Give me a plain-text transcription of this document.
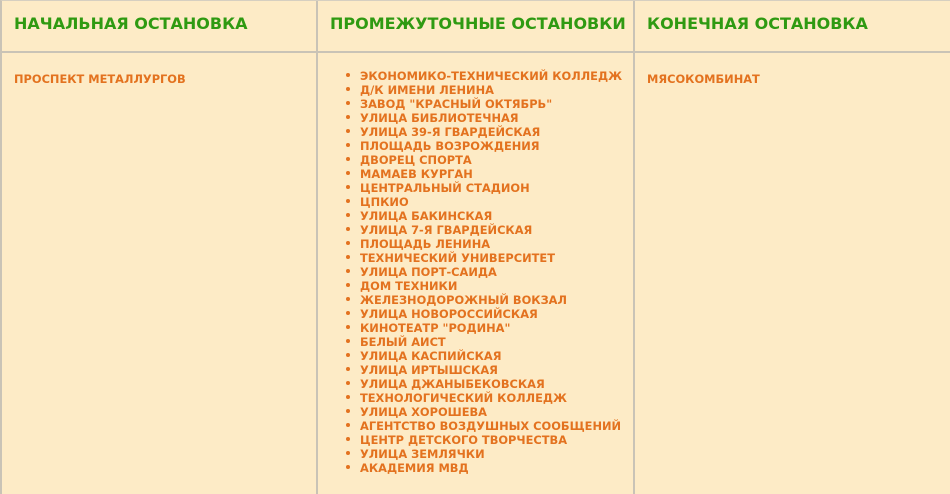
НАЧАЛЬНАЯ ОСТАНОВКА
ПРОСПЕКТ МЕТАЛЛУРГОВ
ПРОМЕЖУТОЧНЫЕ ОСТАНОВКИ
ЭКОНОМИКО-ТЕХНИЧЕСКИЙ КОЛЛЕДЖ
Д/К ИМЕНИ ЛЕНИНА
ЗАВОД "КРАСНЫЙ ОКТЯБРЬ"
УЛИЦА БИБЛИОТЕЧНАЯ
УЛИЦА 39-Я ГВАРДЕЙСКАЯ
ПЛОЩАДЬ ВОЗРОЖДЕНИЯ
ДВОРЕЦ СПОРТА
МАМАЕВ КУРГАН
ЦЕНТРАЛЬНЫЙ СТАДИОН
ЦПКИО
УЛИЦА БАКИНСКАЯ
УЛИЦА 7-Я ГВАРДЕЙСКАЯ
ПЛОЩАДЬ ЛЕНИНА
ТЕХНИЧЕСКИЙ УНИВЕРСИТЕТ
УЛИЦА ПОРТ-САИДА
ДОМ ТЕХНИКИ
ЖЕЛЕЗНОДОРОЖНЫЙ ВОКЗАЛ
УЛИЦА НОВОРОССИЙСКАЯ
КИНОТЕАТР "РОДИНА"
БЕЛЫЙ АИСТ
УЛИЦА КАСПИЙСКАЯ
УЛИЦА ИРТЫШСКАЯ
УЛИЦА ДЖАНЫБЕКОВСКАЯ
ТЕХНОЛОГИЧЕСКИЙ КОЛЛЕДЖ
УЛИЦА ХОРОШЕВА
АГЕНТСТВО ВОЗДУШНЫХ СООБЩЕНИЙ
ЦЕНТР ДЕТСКОГО ТВОРЧЕСТВА
УЛИЦА ЗЕМЛЯЧКИ
АКАДЕМИЯ МВД
КОНЕЧНАЯ ОСТАНОВКА
МЯСОКОМБИНАТ
